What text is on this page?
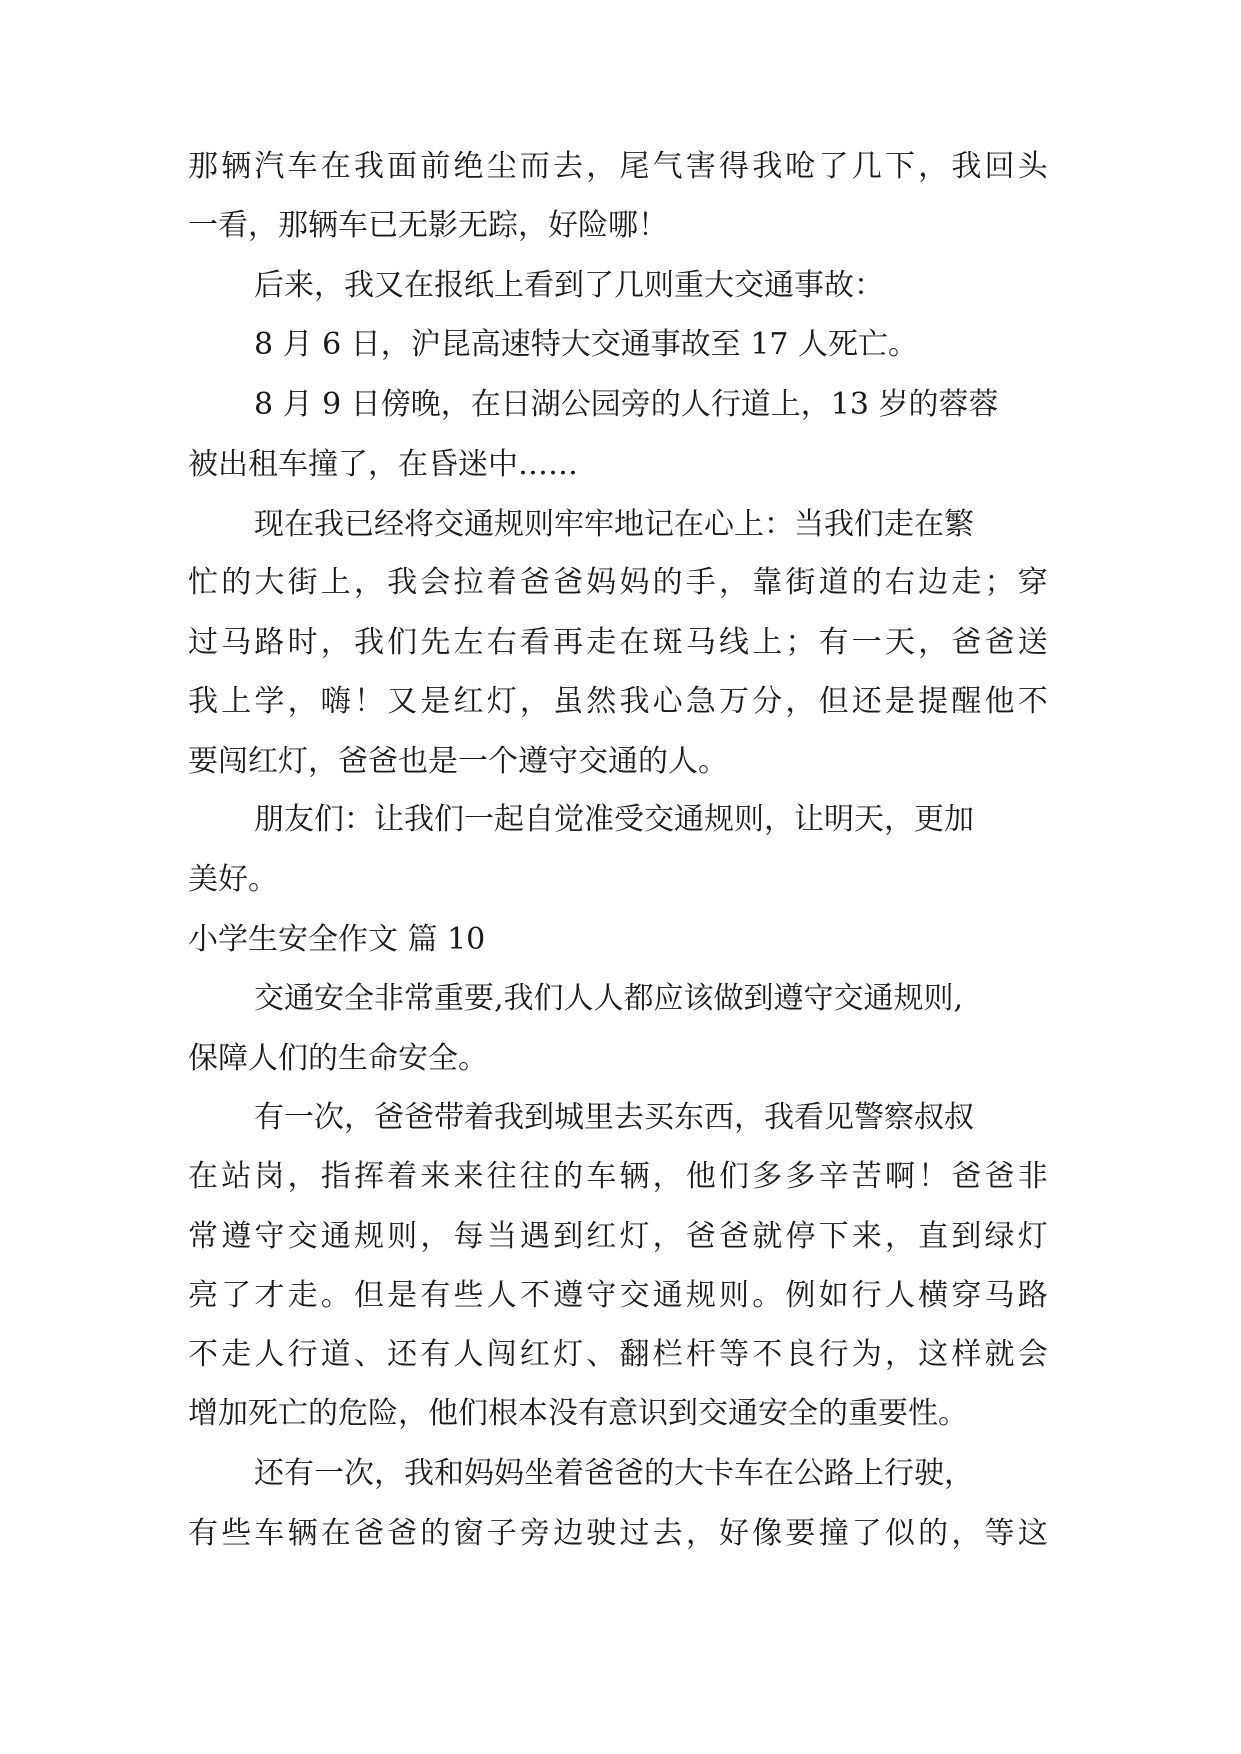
那 辆 汽 车 在 我 面 前 绝 尘 而 去 ， 尾 气 害 得 我 呛 了 几 下 ， 我 回 头
一看，那辆车已无影无踪，好险哪！
后来，我又在报纸上看到了几则重大交通事故：
8 月 6 日，沪昆高速特大交通事故至 17 人死亡。
8 月 9 日傍晚，在日湖公园旁的人行道上，13 岁的蓉蓉
被出租车撞了，在昏迷中……
现在我已经将交通规则牢牢地记在心上：当我们走在繁
忙 的 大 街 上 ， 我 会 拉 着 爸 爸 妈 妈 的 手 ， 靠 街 道 的 右 边 走 ； 穿
过 马 路 时 ， 我 们 先 左 右 看 再 走 在 斑 马 线 上 ； 有 一 天 ， 爸 爸 送
我 上 学 ， 嗨 ！ 又 是 红 灯 ， 虽 然 我 心 急 万 分 ， 但 还 是 提 醒 他 不
要闯红灯，爸爸也是一个遵守交通的人。
朋友们：让我们一起自觉准受交通规则，让明天，更加
美好。
小学生安全作文 篇 10
交通安全非常重要,我们人人都应该做到遵守交通规则,
保障人们的生命安全。
有一次，爸爸带着我到城里去买东西，我看见警察叔叔
在 站 岗 ， 指 挥 着 来 来 往 往 的 车 辆 ， 他 们 多 多 辛 苦 啊 ！ 爸 爸 非
常 遵 守 交 通 规 则 ， 每 当 遇 到 红 灯 ， 爸 爸 就 停 下 来 ， 直 到 绿 灯
亮 了 才 走 。 但 是 有 些 人 不 遵 守 交 通 规 则 。 例 如 行 人 横 穿 马 路
不 走 人 行 道 、 还 有 人 闯 红 灯 、 翻 栏 杆 等 不 良 行 为 ， 这 样 就 会
增加死亡的危险，他们根本没有意识到交通安全的重要性。
还有一次，我和妈妈坐着爸爸的大卡车在公路上行驶，
有 些 车 辆 在 爸 爸 的 窗 子 旁 边 驶 过 去 ， 好 像 要 撞 了 似 的 ， 等 这
